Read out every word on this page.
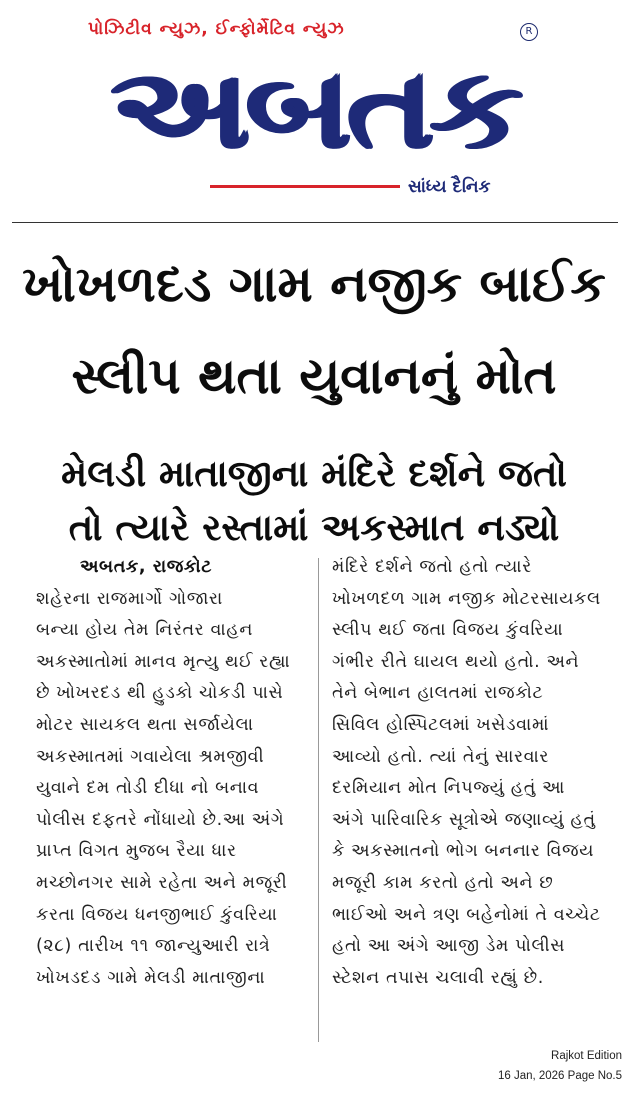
પોઝિટીવ ન્યુઝ, ઈન્ફોર્મેટિવ ન્યુઝ	R
અબતક
સાંધ્ય દૈનિક
ખોખળદડ ગામ નજીક બાઈક
સ્લીપ થતા યુવાનનું મોત
મેલડી માતાજીના મંદિરે દર્શને જતો
તો ત્યારે રસ્તામાં અકસ્માત નડ્યો
અબતક, રાજકોટ
શહેરના રાજમાર્ગો ગોજારા
બન્યા હોય તેમ નિરંતર વાહન
અકસ્માતોમાં માનવ મૃત્યુ થઈ રહ્યા
છે ખોખરદડ થી હુડકો ચોકડી પાસે
મોટર સાયકલ થતા સર્જાયેલા
અકસ્માતમાં ગવાયેલા શ્રમજીવી
યુવાને દમ તોડી દીધા નો બનાવ
પોલીસ દફતરે નોંધાયો છે.આ અંગે
પ્રાપ્ત વિગત મુજબ રૈયા ધાર
મચ્છોનગર સામે રહેતા અને મજૂરી
કરતા વિજય ધનજીભાઈ કુંવરિયા
(૨૮) તારીખ ૧૧ જાન્યુઆરી રાત્રે
ખોખડદડ ગામે મેલડી માતાજીના
મંદિરે દર્શને જતો હતો ત્યારે
ખોખળદળ ગામ નજીક મોટરસાયકલ
સ્લીપ થઈ જતા વિજય કુંવરિયા
ગંભીર રીતે ઘાયલ થયો હતો. અને
તેને બેભાન હાલતમાં રાજકોટ
સિવિલ હોસ્પિટલમાં ખસેડવામાં
આવ્યો હતો. ત્યાં તેનું સારવાર
દરમિયાન મોત નિપજ્યું હતું આ
અંગે પારિવારિક સૂત્રોએ જણાવ્યું હતું
કે અકસ્માતનો ભોગ બનનાર વિજય
મજૂરી કામ કરતો હતો અને છ
ભાઈઓ અને ત્રણ બહેનોમાં તે વચ્ચેટ
હતો આ અંગે આજી ડેમ પોલીસ
સ્ટેશન તપાસ ચલાવી રહ્યું છે.
Rajkot Edition
16 Jan, 2026 Page No.5
